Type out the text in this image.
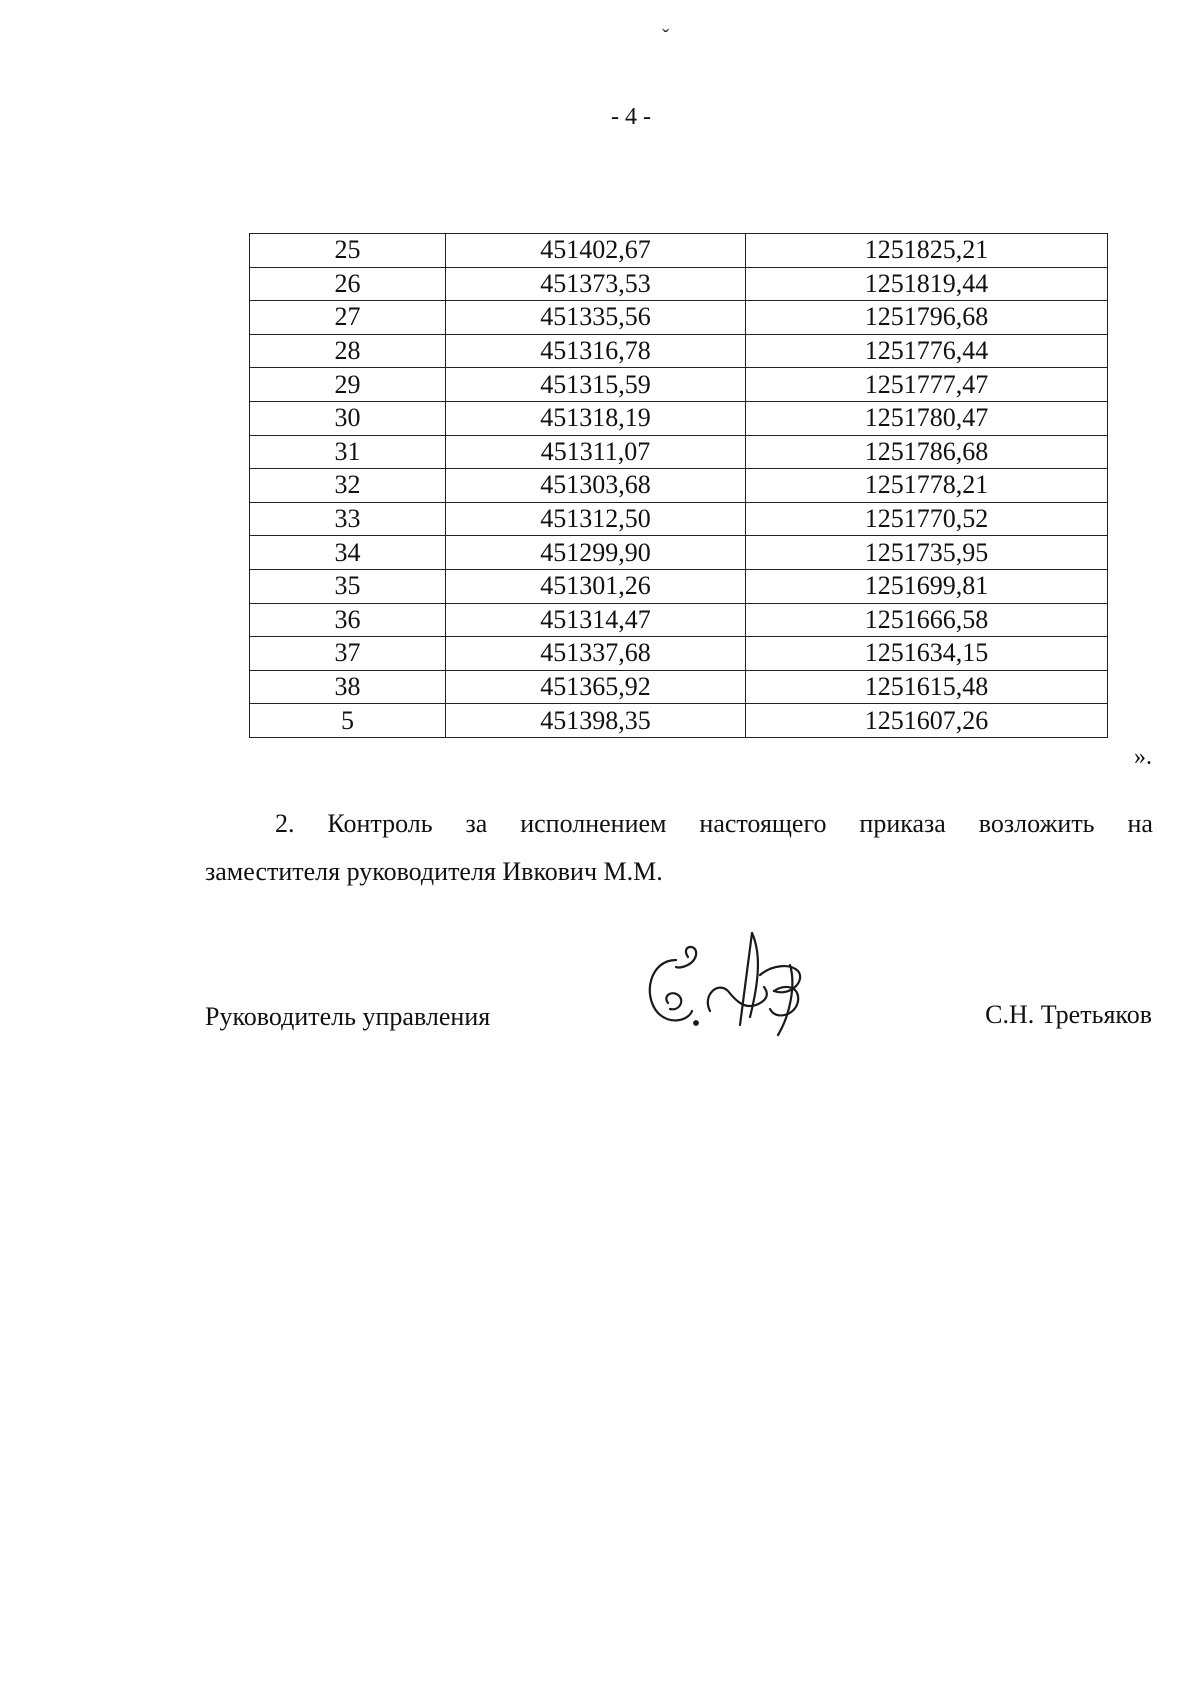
ˇ
- 4 -
25	451402,67	1251825,21
26	451373,53	1251819,44
27	451335,56	1251796,68
28	451316,78	1251776,44
29	451315,59	1251777,47
30	451318,19	1251780,47
31	451311,07	1251786,68
32	451303,68	1251778,21
33	451312,50	1251770,52
34	451299,90	1251735,95
35	451301,26	1251699,81
36	451314,47	1251666,58
37	451337,68	1251634,15
38	451365,92	1251615,48
5	451398,35	1251607,26
».
2. Контроль за исполнением настоящего приказа возложить на
заместителя руководителя Ивкович М.М.
Руководитель управления	С.Н. Третьяков
